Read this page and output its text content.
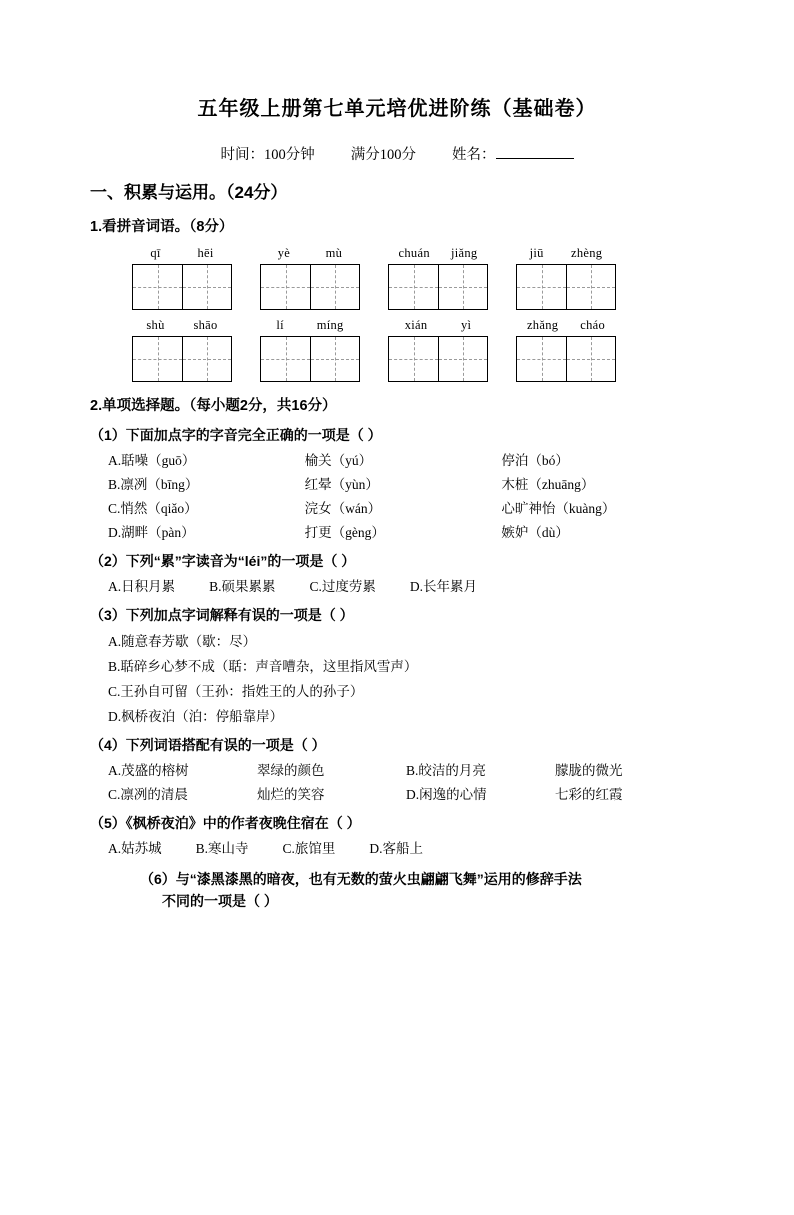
五年级上册第七单元培优进阶练（基础卷）
时间：100分钟 满分100分 姓名：
一、积累与运用。（24分）
1.看拼音词语。（8分）
qī	hēi	yè	mù	chuán jiǎng	jiū zhèng
shù shāo	lí	míng	xián	yì	zhǎng cháo
2.单项选择题。（每小题2分，共16分）
（1）下面加点字的字音完全正确的一项是（ ）
A.聒噪（guō）	榆关（yú）	停泊（bó）
B.凛冽（bīng）	红晕（yùn）	木桩（zhuāng）
C.悄然（qiǎo）	浣女（wán）	心旷神怡（kuàng）
D.湖畔（pàn）	打更（gèng）	嫉妒（dù）
（2）下列“累”字读音为“léi”的一项是（ ）
A.日积月累	B.硕果累累	C.过度劳累	D.长年累月
（3）下列加点字词解释有误的一项是（ ）
A.随意春芳歇（歇：尽）
B.聒碎乡心梦不成（聒：声音嘈杂，这里指风雪声）
C.王孙自可留（王孙：指姓王的人的孙子）
D.枫桥夜泊（泊：停船靠岸）
（4）下列词语搭配有误的一项是（ ）
A.茂盛的榕树	翠绿的颜色	B.皎洁的月亮	朦胧的微光
C.凛冽的清晨	灿烂的笑容	D.闲逸的心情	七彩的红霞
（5）《枫桥夜泊》中的作者夜晚住宿在（ ）
A.姑苏城	B.寒山寺	C.旅馆里	D.客船上
（6）与“漆黑漆黑的暗夜，也有无数的萤火虫翩翩飞舞”运用的修辞手法
不同的一项是（ ）
